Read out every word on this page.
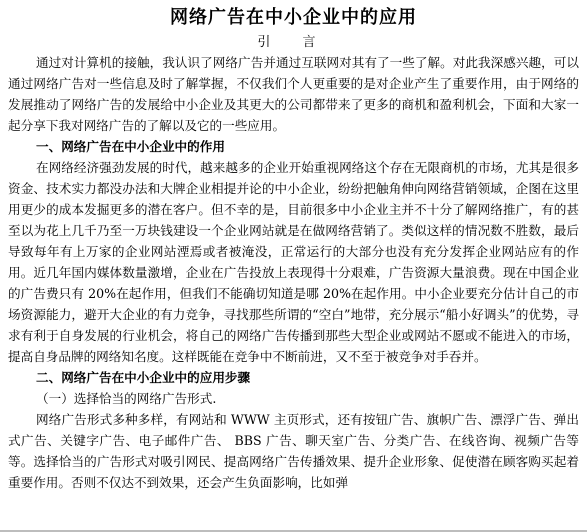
网络广告在中小企业中的应用
引 言

通过对计算机的接触，我认识了网络广告并通过互联网对其有了一些了解。对此我深感兴趣，可以通过网络广告对一些信息及时了解掌握，不仅我们个人更重要的是对企业产生了重要作用，由于网络的发展推动了网络广告的发展给中小企业及其更大的公司都带来了更多的商机和盈利机会，下面和大家一起分享下我对网络广告的了解以及它的一些应用。

一、网络广告在中小企业中的作用

在网络经济强劲发展的时代，越来越多的企业开始重视网络这个存在无限商机的市场，尤其是很多资金、技术实力都没办法和大牌企业相提并论的中小企业，纷纷把触角伸向网络营销领域，企图在这里用更少的成本发掘更多的潜在客户。但不幸的是，目前很多中小企业主并不十分了解网络推广，有的甚至以为花上几千乃至一万块钱建设一个企业网站就是在做网络营销了。类似这样的情况数不胜数，最后导致每年有上万家的企业网站湮焉或者被淹没，正常运行的大部分也没有充分发挥企业网站应有的作用。近几年国内媒体数量激增，企业在广告投放上表现得十分艰难，广告资源大量浪费。现在中国企业的广告费只有 20%在起作用，但我们不能确切知道是哪 20%在起作用。中小企业要充分估计自己的市场资源能力，避开大企业的有力竞争，寻找那些所谓的“空白”地带，充分展示“船小好调头”的优势，寻求有利于自身发展的行业机会，将自己的网络广告传播到那些大型企业或网站不愿或不能进入的市场，提高自身品牌的网络知名度。这样既能在竞争中不断前进，又不至于被竞争对手吞并。

二、网络广告在中小企业中的应用步骤
（一）选择恰当的网络广告形式.

网络广告形式多种多样，有网站和 WWW 主页形式，还有按钮广告、旗帜广告、漂浮广告、弹出式广告、关键字广告、电子邮件广告、 BBS 广告、聊天室广告、分类广告、在线咨询、视频广告等等。选择恰当的广告形式对吸引网民、提高网络广告传播效果、提升企业形象、促使潜在顾客购买起着重要作用。否则不仅达不到效果，还会产生负面影响，比如弹
